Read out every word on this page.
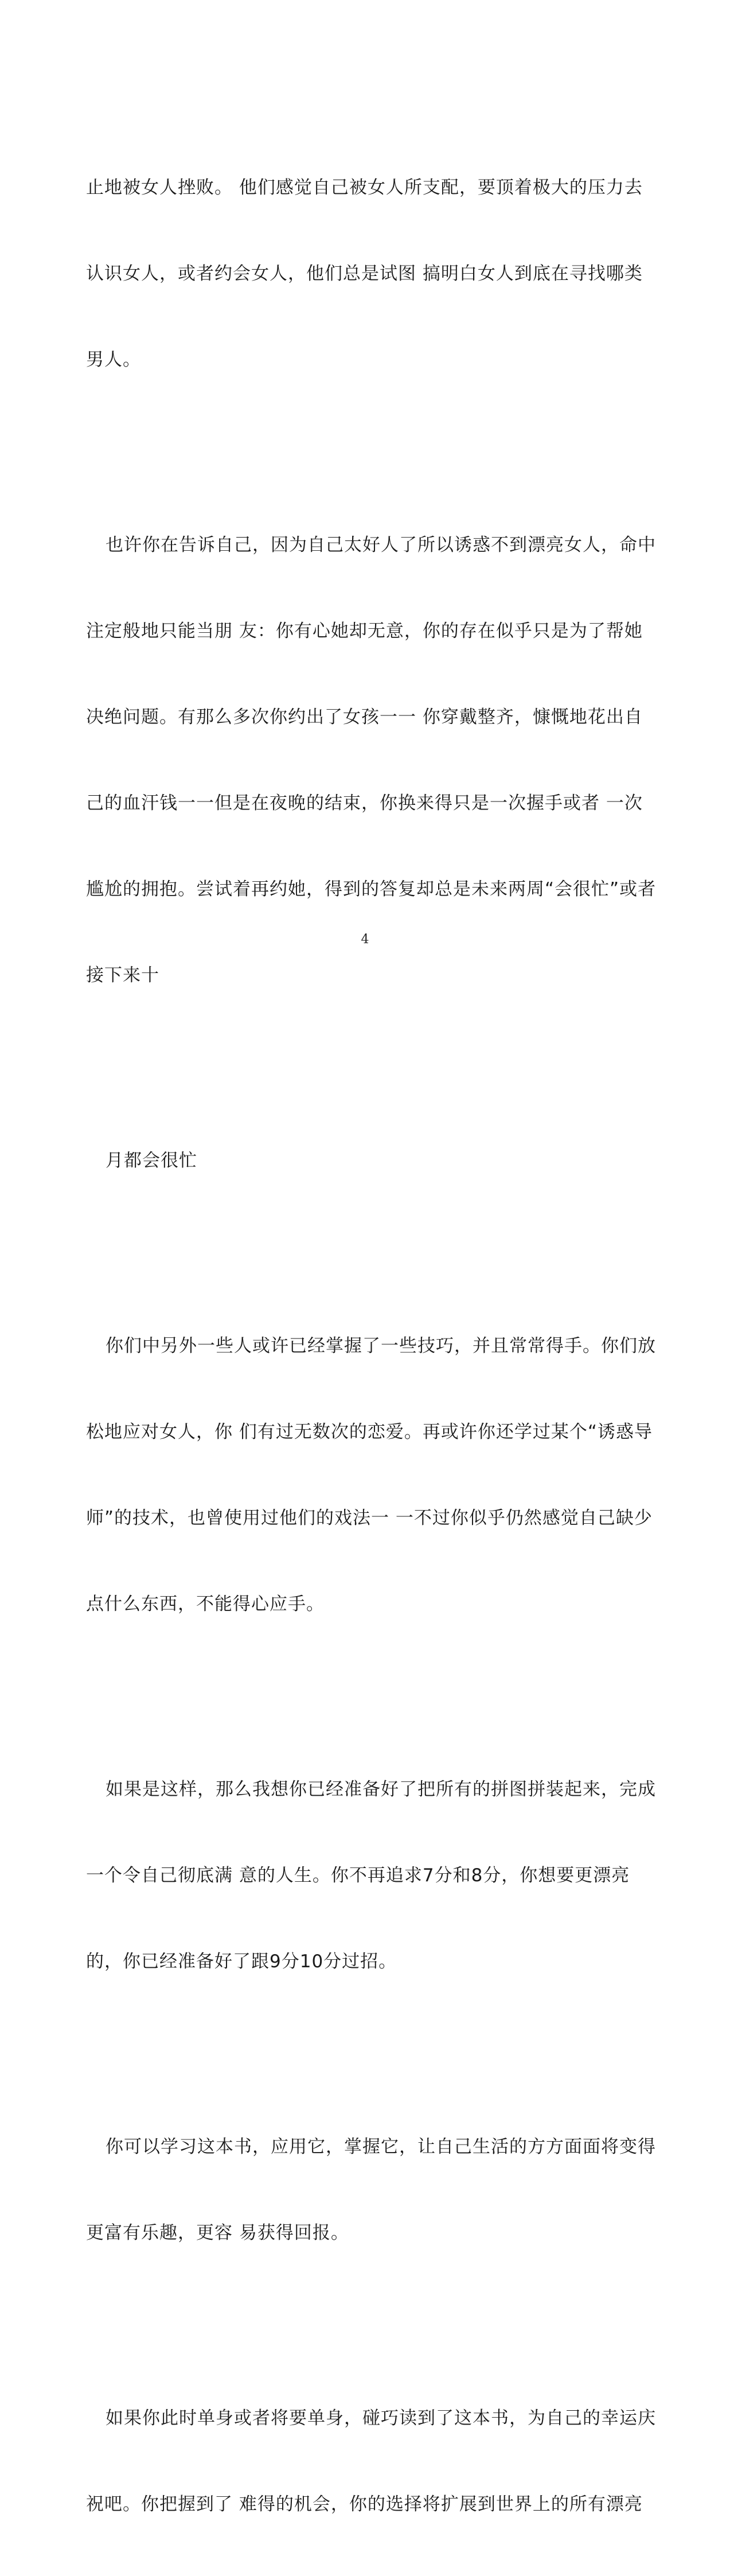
止地被女人挫败。 他们感觉自己被女人所支配，要顶着极大的压力去

认识女人，或者约会女人，他们总是试图 搞明白女人到底在寻找哪类

男人。

也许你在告诉自己，因为自己太好人了所以诱惑不到漂亮女人，命中

注定般地只能当朋 友：你有心她却无意，你的存在似乎只是为了帮她

决绝问题。有那么多次你约出了女孩一一 你穿戴整齐，慷慨地花出自

己的血汗钱一一但是在夜晚的结束，你换来得只是一次握手或者 一次

尴尬的拥抱。尝试着再约她，得到的答复却总是未来两周“会很忙”或者

接下来十

月都会很忙

你们中另外一些人或许已经掌握了一些技巧，并且常常得手。你们放

松地应对女人，你 们有过无数次的恋爱。再或许你还学过某个“诱惑导

师”的技术，也曾使用过他们的戏法一 一不过你似乎仍然感觉自己缺少

点什么东西，不能得心应手。

如果是这样，那么我想你已经准备好了把所有的拼图拼装起来，完成

一个令自己彻底满 意的人生。你不再追求7分和8分，你想要更漂亮

的，你已经准备好了跟9分10分过招。

你可以学习这本书，应用它，掌握它，让自己生活的方方面面将变得

更富有乐趣，更容 易获得回报。

如果你此时单身或者将要单身，碰巧读到了这本书，为自己的幸运庆

祝吧。你把握到了 难得的机会，你的选择将扩展到世界上的所有漂亮

4
